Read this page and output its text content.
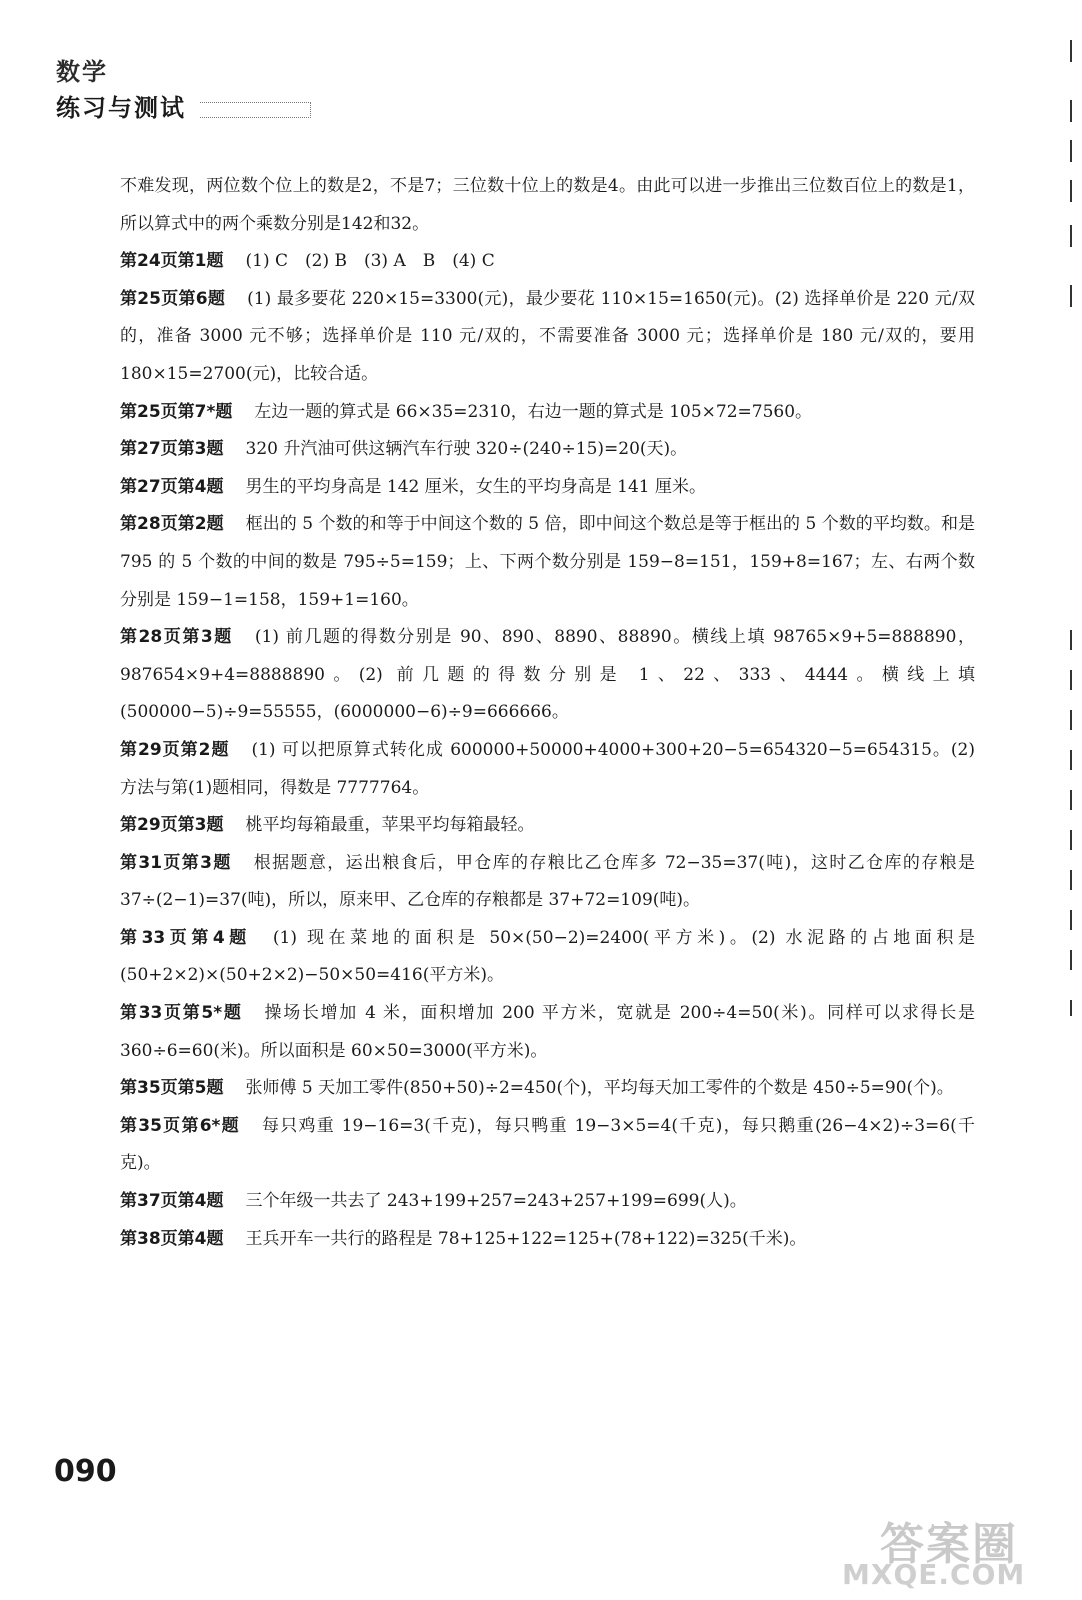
数学
练习与测试

不难发现，两位数个位上的数是2，不是7；三位数十位上的数是4。由此可以进一步推出三位数百位上的数是1，所以算式中的两个乘数分别是142和32。

第24页第1题 (1) C　(2) B　(3) A　B　(4) C

第25页第6题 (1) 最多要花 220×15=3300(元)，最少要花 110×15=1650(元)。(2) 选择单价是 220 元/双的，准备 3000 元不够；选择单价是 110 元/双的，不需要准备 3000 元；选择单价是 180 元/双的，要用 180×15=2700(元)，比较合适。

第25页第7*题 左边一题的算式是 66×35=2310，右边一题的算式是 105×72=7560。

第27页第3题 320 升汽油可供这辆汽车行驶 320÷(240÷15)=20(天)。

第27页第4题 男生的平均身高是 142 厘米，女生的平均身高是 141 厘米。

第28页第2题 框出的 5 个数的和等于中间这个数的 5 倍，即中间这个数总是等于框出的 5 个数的平均数。和是 795 的 5 个数的中间的数是 795÷5=159；上、下两个数分别是 159−8=151，159+8=167；左、右两个数分别是 159−1=158，159+1=160。

第28页第3题 (1) 前几题的得数分别是 90、890、8890、88890。横线上填 98765×9+5=888890，987654×9+4=8888890。(2) 前几题的得数分别是 1、22、333、4444。横线上填(500000−5)÷9=55555，(6000000−6)÷9=666666。

第29页第2题 (1) 可以把原算式转化成 600000+50000+4000+300+20−5=654320−5=654315。(2) 方法与第(1)题相同，得数是 7777764。

第29页第3题 桃平均每箱最重，苹果平均每箱最轻。

第31页第3题 根据题意，运出粮食后，甲仓库的存粮比乙仓库多 72−35=37(吨)，这时乙仓库的存粮是 37÷(2−1)=37(吨)，所以，原来甲、乙仓库的存粮都是 37+72=109(吨)。

第33页第4题 (1) 现在菜地的面积是 50×(50−2)=2400(平方米)。(2) 水泥路的占地面积是(50+2×2)×(50+2×2)−50×50=416(平方米)。

第33页第5*题 操场长增加 4 米，面积增加 200 平方米，宽就是 200÷4=50(米)。同样可以求得长是 360÷6=60(米)。所以面积是 60×50=3000(平方米)。

第35页第5题 张师傅 5 天加工零件(850+50)÷2=450(个)，平均每天加工零件的个数是 450÷5=90(个)。

第35页第6*题 每只鸡重 19−16=3(千克)，每只鸭重 19−3×5=4(千克)，每只鹅重(26−4×2)÷3=6(千克)。

第37页第4题 三个年级一共去了 243+199+257=243+257+199=699(人)。

第38页第4题 王兵开车一共行的路程是 78+125+122=125+(78+122)=325(千米)。

090
答案圈
MXQE.COM
